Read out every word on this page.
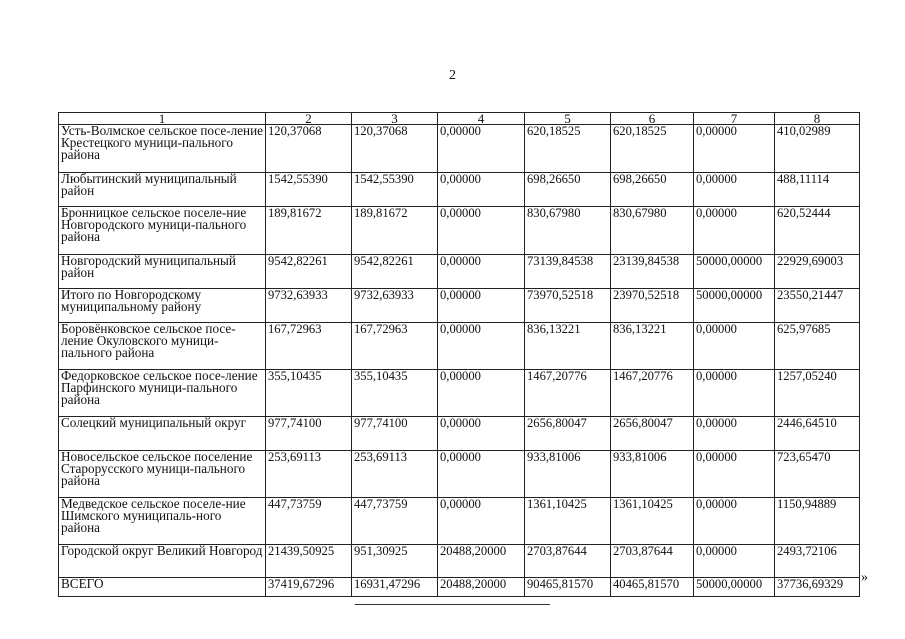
2
1	2	3	4	5	6	7	8
Усть-Волмское сельское посе-ление Крестецкого муници-пального района	120,37068	120,37068	0,00000	620,18525	620,18525	0,00000	410,02989
Любытинский муниципальный район	1542,55390	1542,55390	0,00000	698,26650	698,26650	0,00000	488,11114
Бронницкое сельское поселе-ние Новгородского муници-пального района	189,81672	189,81672	0,00000	830,67980	830,67980	0,00000	620,52444
Новгородский муниципальный район	9542,82261	9542,82261	0,00000	73139,84538	23139,84538	50000,00000	22929,69003
Итого по Новгородскому муниципальному району	9732,63933	9732,63933	0,00000	73970,52518	23970,52518	50000,00000	23550,21447
Боровёнковское сельское посе-ление Окуловского муници-пального района	167,72963	167,72963	0,00000	836,13221	836,13221	0,00000	625,97685
Федорковское сельское посе-ление Парфинского муници-пального района	355,10435	355,10435	0,00000	1467,20776	1467,20776	0,00000	1257,05240
Солецкий муниципальный округ	977,74100	977,74100	0,00000	2656,80047	2656,80047	0,00000	2446,64510
Новосельское сельское поселение Старорусского муници-пального района	253,69113	253,69113	0,00000	933,81006	933,81006	0,00000	723,65470
Медведское сельское поселе-ние Шимского муниципаль-ного района	447,73759	447,73759	0,00000	1361,10425	1361,10425	0,00000	1150,94889
Городской округ Великий Новгород	21439,50925	951,30925	20488,20000	2703,87644	2703,87644	0,00000	2493,72106
ВСЕГО	37419,67296	16931,47296	20488,20000	90465,81570	40465,81570	50000,00000	37736,69329 »
